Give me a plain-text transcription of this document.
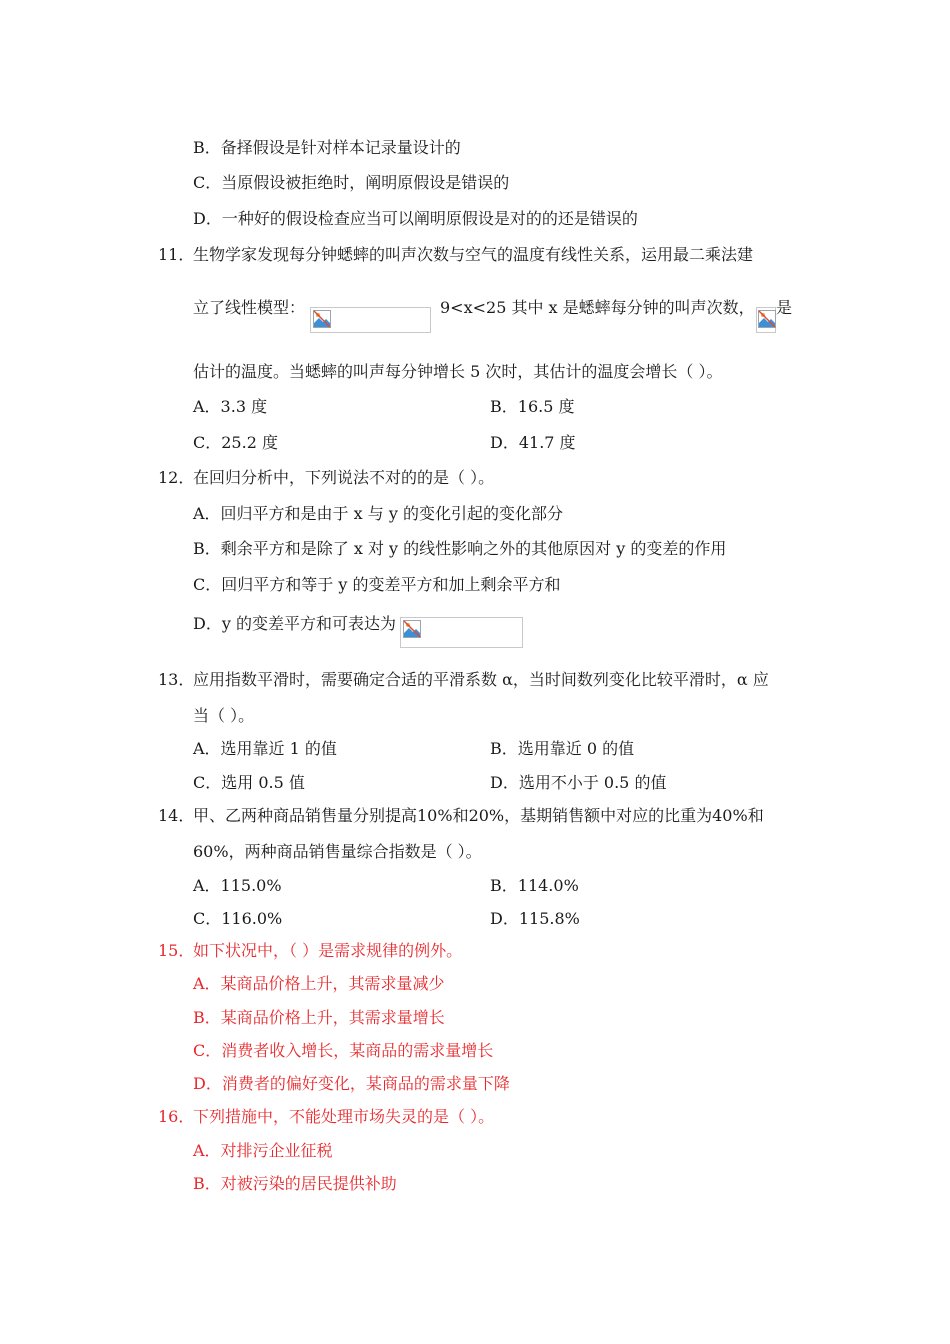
B．备择假设是针对样本记录量设计的
C．当原假设被拒绝时，阐明原假设是错误的
D．一种好的假设检查应当可以阐明原假设是对的的还是错误的
11．
生物学家发现每分钟蟋蟀的叫声次数与空气的温度有线性关系，运用最二乘法建
立了线性模型：	9<x<25 其中 x 是蟋蟀每分钟的叫声次数， 是
估计的温度。当蟋蟀的叫声每分钟增长 5 次时，其估计的温度会增长（ ）。
A．3.3 度	B．16.5 度
C．25.2 度	D．41.7 度
12．
在回归分析中，下列说法不对的的是（ ）。
A．回归平方和是由于 x 与 y 的变化引起的变化部分
B．剩余平方和是除了 x 对 y 的线性影响之外的其他原因对 y 的变差的作用
C．回归平方和等于 y 的变差平方和加上剩余平方和
D．y 的变差平方和可表达为
13．
应用指数平滑时，需要确定合适的平滑系数 α，当时间数列变化比较平滑时，α 应
当（ ）。
A．选用靠近 1 的值	B．选用靠近 0 的值
C．选用 0.5 值	D．选用不小于 0.5 的值
14．
甲、乙两种商品销售量分别提高10%和20%，基期销售额中对应的比重为40%和
60%，两种商品销售量综合指数是（ ）。
A．115.0%	B．114.0%
C．116.0%	D．115.8%
15．
如下状况中，（ ）是需求规律的例外。
A．某商品价格上升，其需求量减少
B．某商品价格上升，其需求量增长
C．消费者收入增长，某商品的需求量增长
D．消费者的偏好变化，某商品的需求量下降
16．
下列措施中，不能处理市场失灵的是（ ）。
A．对排污企业征税
B．对被污染的居民提供补助
